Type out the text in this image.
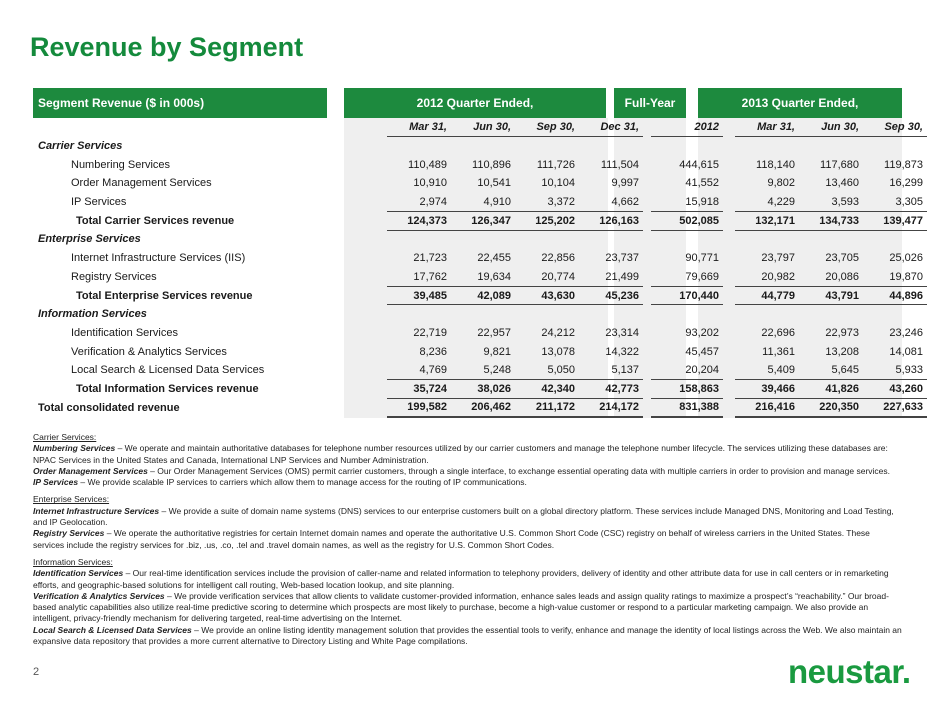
Revenue by Segment
Segment Revenue ($ in 000s)	2012 Quarter Ended,	Full-Year	2013 Quarter Ended,
		Mar 31,	Jun 30,	Sep 30,	Dec 31,		2012		Mar 31,	Jun 30,	Sep 30,
Carrier Services											
Numbering Services		110,489	110,896	111,726	111,504		444,615		118,140	117,680	119,873
Order Management Services		10,910	10,541	10,104	9,997		41,552		9,802	13,460	16,299
IP Services		2,974	4,910	3,372	4,662		15,918		4,229	3,593	3,305
Total Carrier Services revenue		124,373	126,347	125,202	126,163		502,085		132,171	134,733	139,477
Enterprise Services											
Internet Infrastructure Services (IIS)		21,723	22,455	22,856	23,737		90,771		23,797	23,705	25,026
Registry Services		17,762	19,634	20,774	21,499		79,669		20,982	20,086	19,870
Total Enterprise Services revenue		39,485	42,089	43,630	45,236		170,440		44,779	43,791	44,896
Information Services											
Identification Services		22,719	22,957	24,212	23,314		93,202		22,696	22,973	23,246
Verification & Analytics Services		8,236	9,821	13,078	14,322		45,457		11,361	13,208	14,081
Local Search & Licensed Data Services		4,769	5,248	5,050	5,137		20,204		5,409	5,645	5,933
Total Information Services revenue		35,724	38,026	42,340	42,773		158,863		39,466	41,826	43,260
Total consolidated revenue		199,582	206,462	211,172	214,172		831,388		216,416	220,350	227,633
Carrier Services:
Numbering Services – We operate and maintain authoritative databases for telephone number resources utilized by our carrier customers and manage the telephone number lifecycle. The services utilizing these databases are: NPAC Services in the United States and Canada, International LNP Services and Number Administration.
Order Management Services – Our Order Management Services (OMS) permit carrier customers, through a single interface, to exchange essential operating data with multiple carriers in order to provision and manage services.
IP Services – We provide scalable IP services to carriers which allow them to manage access for the routing of IP communications.
Enterprise Services:
Internet Infrastructure Services – We provide a suite of domain name systems (DNS) services to our enterprise customers built on a global directory platform. These services include Managed DNS, Monitoring and Load Testing, and IP Geolocation.
Registry Services – We operate the authoritative registries for certain Internet domain names and operate the authoritative U.S. Common Short Code (CSC) registry on behalf of wireless carriers in the United States. These services include the registry services for .biz, .us, .co, .tel and .travel domain names, as well as the registry for U.S. Common Short Codes.
Information Services:
Identification Services – Our real-time identification services include the provision of caller-name and related information to telephony providers, delivery of identity and other attribute data for use in call centers or in remarketing efforts, and geographic-based solutions for intelligent call routing, Web-based location lookup, and site planning.
Verification & Analytics Services – We provide verification services that allow clients to validate customer-provided information, enhance sales leads and assign quality ratings to maximize a prospect’s “reachability.” Our broad-based analytic capabilities also utilize real-time predictive scoring to determine which prospects are most likely to purchase, become a high-value customer or respond to a particular marketing campaign. We also provide an intelligent, privacy-friendly mechanism for delivering targeted, real-time advertising on the Internet.
Local Search & Licensed Data Services – We provide an online listing identity management solution that provides the essential tools to verify, enhance and manage the identity of local listings across the Web. We also maintain an expansive data repository that provides a more current alternative to Directory Listing and White Page compilations.
2	neustar.
